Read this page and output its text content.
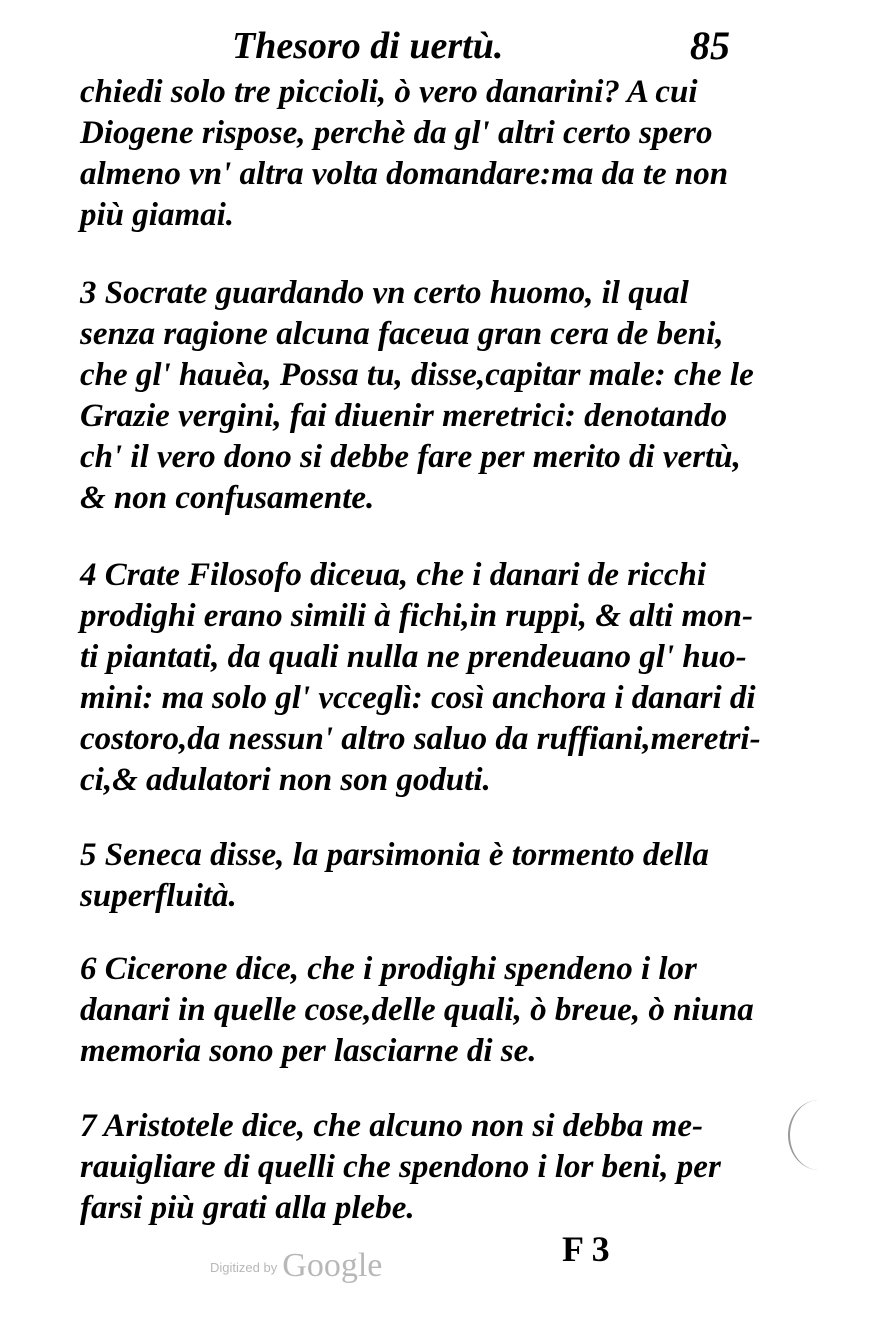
Thesoro di uertù.	85
chiedi solo tre piccioli, ò vero danarini? A cui
Diogene rispose, perchè da gl' altri certo spero
almeno vn' altra volta domandare:ma da te non
più giamai.
3 Socrate guardando vn certo huomo, il qual
senza ragione alcuna faceua gran cera de beni,
che gl' hauèa, Possa tu, disse,capitar male: che le
Grazie vergini, fai diuenir meretrici: denotando
ch' il vero dono si debbe fare per merito di vertù,
& non confusamente.
4 Crate Filosofo diceua, che i danari de ricchi
prodighi erano simili à fichi,in ruppi, & alti mon-
ti piantati, da quali nulla ne prendeuano gl' huo-
mini: ma solo gl' vcceglì: così anchora i danari di
costoro,da nessun' altro saluo da ruffiani,meretri-
ci,& adulatori non son goduti.
5 Seneca disse, la parsimonia è tormento della
superfluità.
6 Cicerone dice, che i prodighi spendeno i lor
danari in quelle cose,delle quali, ò breue, ò niuna
memoria sono per lasciarne di se.
7 Aristotele dice, che alcuno non si debba me-
rauigliare di quelli che spendono i lor beni, per
farsi più grati alla plebe.
$^{Digitized by}$ Google	F 3
